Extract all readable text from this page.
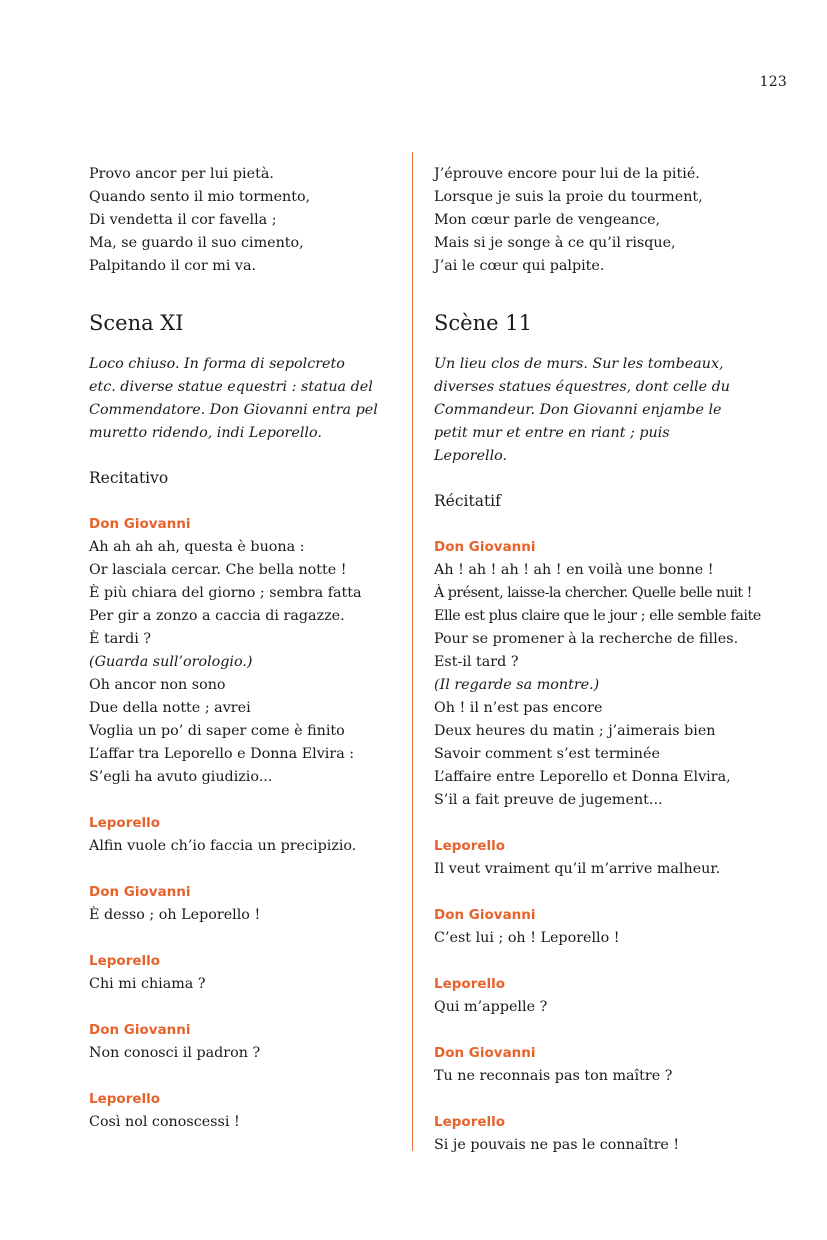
123
Provo ancor per lui pietà.
Quando sento il mio tormento,
Di vendetta il cor favella ;
Ma, se guardo il suo cimento,
Palpitando il cor mi va.
Scena XI
Loco chiuso. In forma di sepolcreto
etc. diverse statue equestri : statua del
Commendatore. Don Giovanni entra pel
muretto ridendo, indi Leporello.
Recitativo
Don Giovanni
Ah ah ah ah, questa è buona :
Or lasciala cercar. Che bella notte !
È più chiara del giorno ; sembra fatta
Per gir a zonzo a caccia di ragazze.
È tardi ?
(Guarda sull’orologio.)
Oh ancor non sono
Due della notte ; avrei
Voglia un po’ di saper come è finito
L’affar tra Leporello e Donna Elvira :
S’egli ha avuto giudizio...
Leporello
Alfin vuole ch’io faccia un precipizio.
Don Giovanni
È desso ; oh Leporello !
Leporello
Chi mi chiama ?
Don Giovanni
Non conosci il padron ?
Leporello
Così nol conoscessi !
J’éprouve encore pour lui de la pitié.
Lorsque je suis la proie du tourment,
Mon cœur parle de vengeance,
Mais si je songe à ce qu’il risque,
J’ai le cœur qui palpite.
Scène 11
Un lieu clos de murs. Sur les tombeaux,
diverses statues équestres, dont celle du
Commandeur. Don Giovanni enjambe le
petit mur et entre en riant ; puis Leporello.
Récitatif
Don Giovanni
Ah ! ah ! ah ! ah ! en voilà une bonne !
À présent, laisse-la chercher. Quelle belle nuit !
Elle est plus claire que le jour ; elle semble faite
Pour se promener à la recherche de filles.
Est-il tard ?
(Il regarde sa montre.)
Oh ! il n’est pas encore
Deux heures du matin ; j’aimerais bien
Savoir comment s’est terminée
L’affaire entre Leporello et Donna Elvira,
S’il a fait preuve de jugement...
Leporello
Il veut vraiment qu’il m’arrive malheur.
Don Giovanni
C’est lui ; oh ! Leporello !
Leporello
Qui m’appelle ?
Don Giovanni
Tu ne reconnais pas ton maître ?
Leporello
Si je pouvais ne pas le connaître !
